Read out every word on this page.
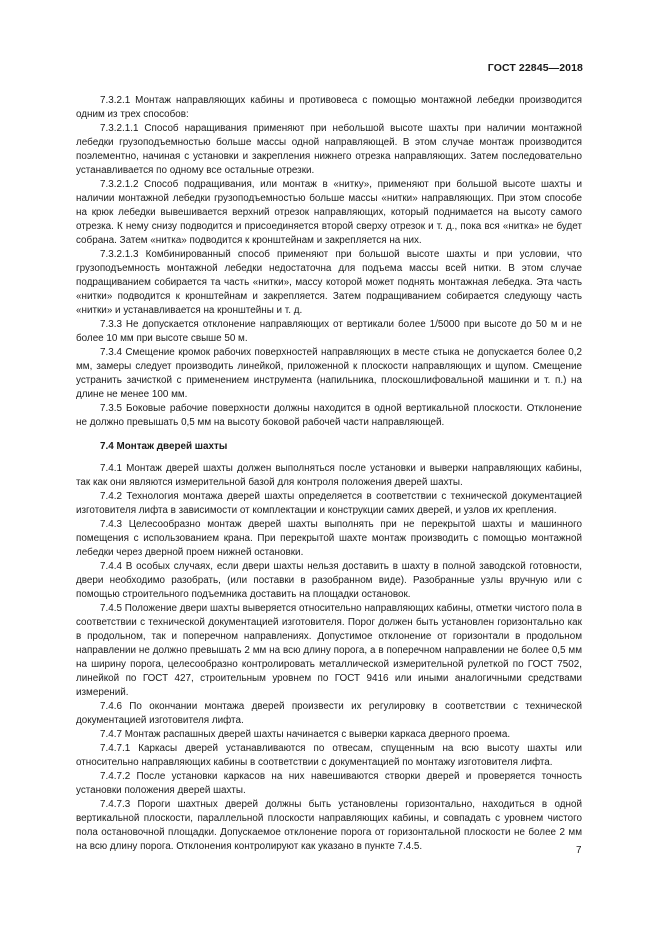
ГОСТ 22845—2018

7.3.2.1 Монтаж направляющих кабины и противовеса с помощью монтажной лебедки производится одним из трех способов:

7.3.2.1.1 Способ наращивания применяют при небольшой высоте шахты при наличии монтажной лебедки грузоподъемностью больше массы одной направляющей. В этом случае монтаж производится поэлементно, начиная с установки и закрепления нижнего отрезка направляющих. Затем последовательно устанавливается по одному все остальные отрезки.

7.3.2.1.2 Способ подращивания, или монтаж в «нитку», применяют при большой высоте шахты и наличии монтажной лебедки грузоподъемностью больше массы «нитки» направляющих. При этом способе на крюк лебедки вывешивается верхний отрезок направляющих, который поднимается на высоту самого отрезка. К нему снизу подводится и присоединяется второй сверху отрезок и т. д., пока вся «нитка» не будет собрана. Затем «нитка» подводится к кронштейнам и закрепляется на них.

7.3.2.1.3 Комбинированный способ применяют при большой высоте шахты и при условии, что грузоподъемность монтажной лебедки недостаточна для подъема массы всей нитки. В этом случае подращиванием собирается та часть «нитки», массу которой может поднять монтажная лебедка. Эта часть «нитки» подводится к кронштейнам и закрепляется. Затем подращиванием собирается следующу часть «нитки» и устанавливается на кронштейны и т. д.

7.3.3 Не допускается отклонение направляющих от вертикали более 1/5000 при высоте до 50 м и не более 10 мм при высоте свыше 50 м.

7.3.4 Смещение кромок рабочих поверхностей направляющих в месте стыка не допускается более 0,2 мм, замеры следует производить линейкой, приложенной к плоскости направляющих и щупом. Смещение устранить зачисткой с применением инструмента (напильника, плоскошлифовальной машинки и т. п.) на длине не менее 100 мм.

7.3.5 Боковые рабочие поверхности должны находится в одной вертикальной плоскости. Отклонение не должно превышать 0,5 мм на высоту боковой рабочей части направляющей.

7.4 Монтаж дверей шахты

7.4.1 Монтаж дверей шахты должен выполняться после установки и выверки направляющих кабины, так как они являются измерительной базой для контроля положения дверей шахты.

7.4.2 Технология монтажа дверей шахты определяется в соответствии с технической документацией изготовителя лифта в зависимости от комплектации и конструкции самих дверей, и узлов их крепления.

7.4.3 Целесообразно монтаж дверей шахты выполнять при не перекрытой шахты и машинного помещения с использованием крана. При перекрытой шахте монтаж производить с помощью монтажной лебедки через дверной проем нижней остановки.

7.4.4 В особых случаях, если двери шахты нельзя доставить в шахту в полной заводской готовности, двери необходимо разобрать, (или поставки в разобранном виде). Разобранные узлы вручную или с помощью строительного подъемника доставить на площадки остановок.

7.4.5 Положение двери шахты выверяется относительно направляющих кабины, отметки чистого пола в соответствии с технической документацией изготовителя. Порог должен быть установлен горизонтально как в продольном, так и поперечном направлениях. Допустимое отклонение от горизонтали в продольном направлении не должно превышать 2 мм на всю длину порога, а в поперечном направлении не более 0,5 мм на ширину порога, целесообразно контролировать металлической измерительной рулеткой по ГОСТ 7502, линейкой по ГОСТ 427, строительным уровнем по ГОСТ 9416 или иными аналогичными средствами измерений.

7.4.6 По окончании монтажа дверей произвести их регулировку в соответствии с технической документацией изготовителя лифта.

7.4.7 Монтаж распашных дверей шахты начинается с выверки каркаса дверного проема.

7.4.7.1 Каркасы дверей устанавливаются по отвесам, спущенным на всю высоту шахты или относительно направляющих кабины в соответствии с документацией по монтажу изготовителя лифта.

7.4.7.2 После установки каркасов на них навешиваются створки дверей и проверяется точность установки положения дверей шахты.

7.4.7.3 Пороги шахтных дверей должны быть установлены горизонтально, находиться в одной вертикальной плоскости, параллельной плоскости направляющих кабины, и совпадать с уровнем чистого пола остановочной площадки. Допускаемое отклонение порога от горизонтальной плоскости не более 2 мм на всю длину порога. Отклонения контролируют как указано в пункте 7.4.5.	7
